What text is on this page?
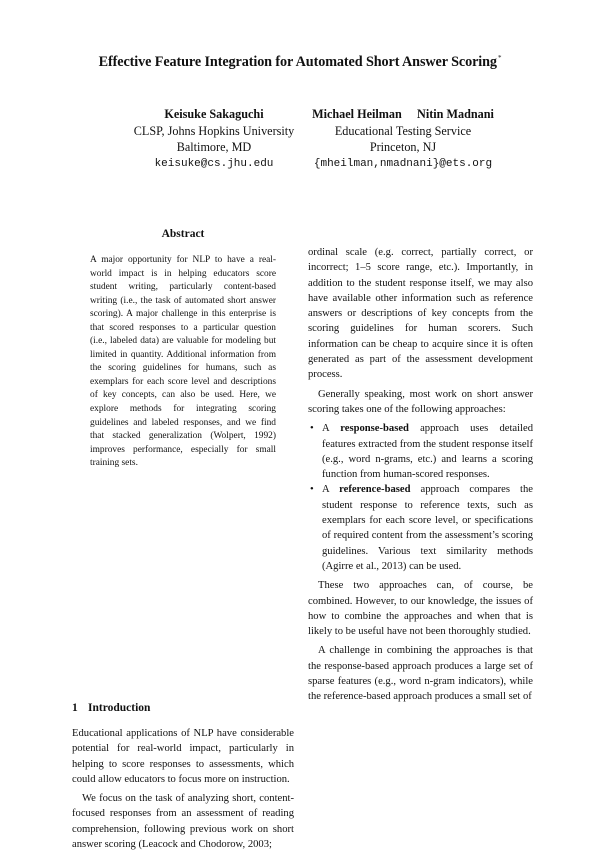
Effective Feature Integration for Automated Short Answer Scoring*
Keisuke Sakaguchi
CLSP, Johns Hopkins University
Baltimore, MD
keisuke@cs.jhu.edu
Michael Heilman     Nitin Madnani
Educational Testing Service
Princeton, NJ
{mheilman,nmadnani}@ets.org
Abstract

A major opportunity for NLP to have a real-world impact is in helping educators score student writing, particularly content-based writing (i.e., the task of automated short answer scoring). A major challenge in this enterprise is that scored responses to a particular question (i.e., labeled data) are valuable for modeling but limited in quantity. Additional information from the scoring guidelines for humans, such as exemplars for each score level and descriptions of key concepts, can also be used. Here, we explore methods for integrating scoring guidelines and labeled responses, and we find that stacked generalization (Wolpert, 1992) improves performance, especially for small training sets.

1 Introduction

Educational applications of NLP have considerable potential for real-world impact, particularly in helping to score responses to assessments, which could allow educators to focus more on instruction.

We focus on the task of analyzing short, content-focused responses from an assessment of reading comprehension, following previous work on short answer scoring (Leacock and Chodorow, 2003;

ordinal scale (e.g. correct, partially correct, or incorrect; 1–5 score range, etc.). Importantly, in addition to the student response itself, we may also have available other information such as reference answers or descriptions of key concepts from the scoring guidelines for human scorers. Such information can be cheap to acquire since it is often generated as part of the assessment development process.

Generally speaking, most work on short answer scoring takes one of the following approaches:

• A response-based approach uses detailed features extracted from the student response itself (e.g., word n-grams, etc.) and learns a scoring function from human-scored responses.
• A reference-based approach compares the student response to reference texts, such as exemplars for each score level, or specifications of required content from the assessment’s scoring guidelines. Various text similarity methods (Agirre et al., 2013) can be used.

These two approaches can, of course, be combined. However, to our knowledge, the issues of how to combine the approaches and when that is likely to be useful have not been thoroughly studied.

A challenge in combining the approaches is that the response-based approach produces a large set of sparse features (e.g., word n-gram indicators), while the reference-based approach produces a small set of
